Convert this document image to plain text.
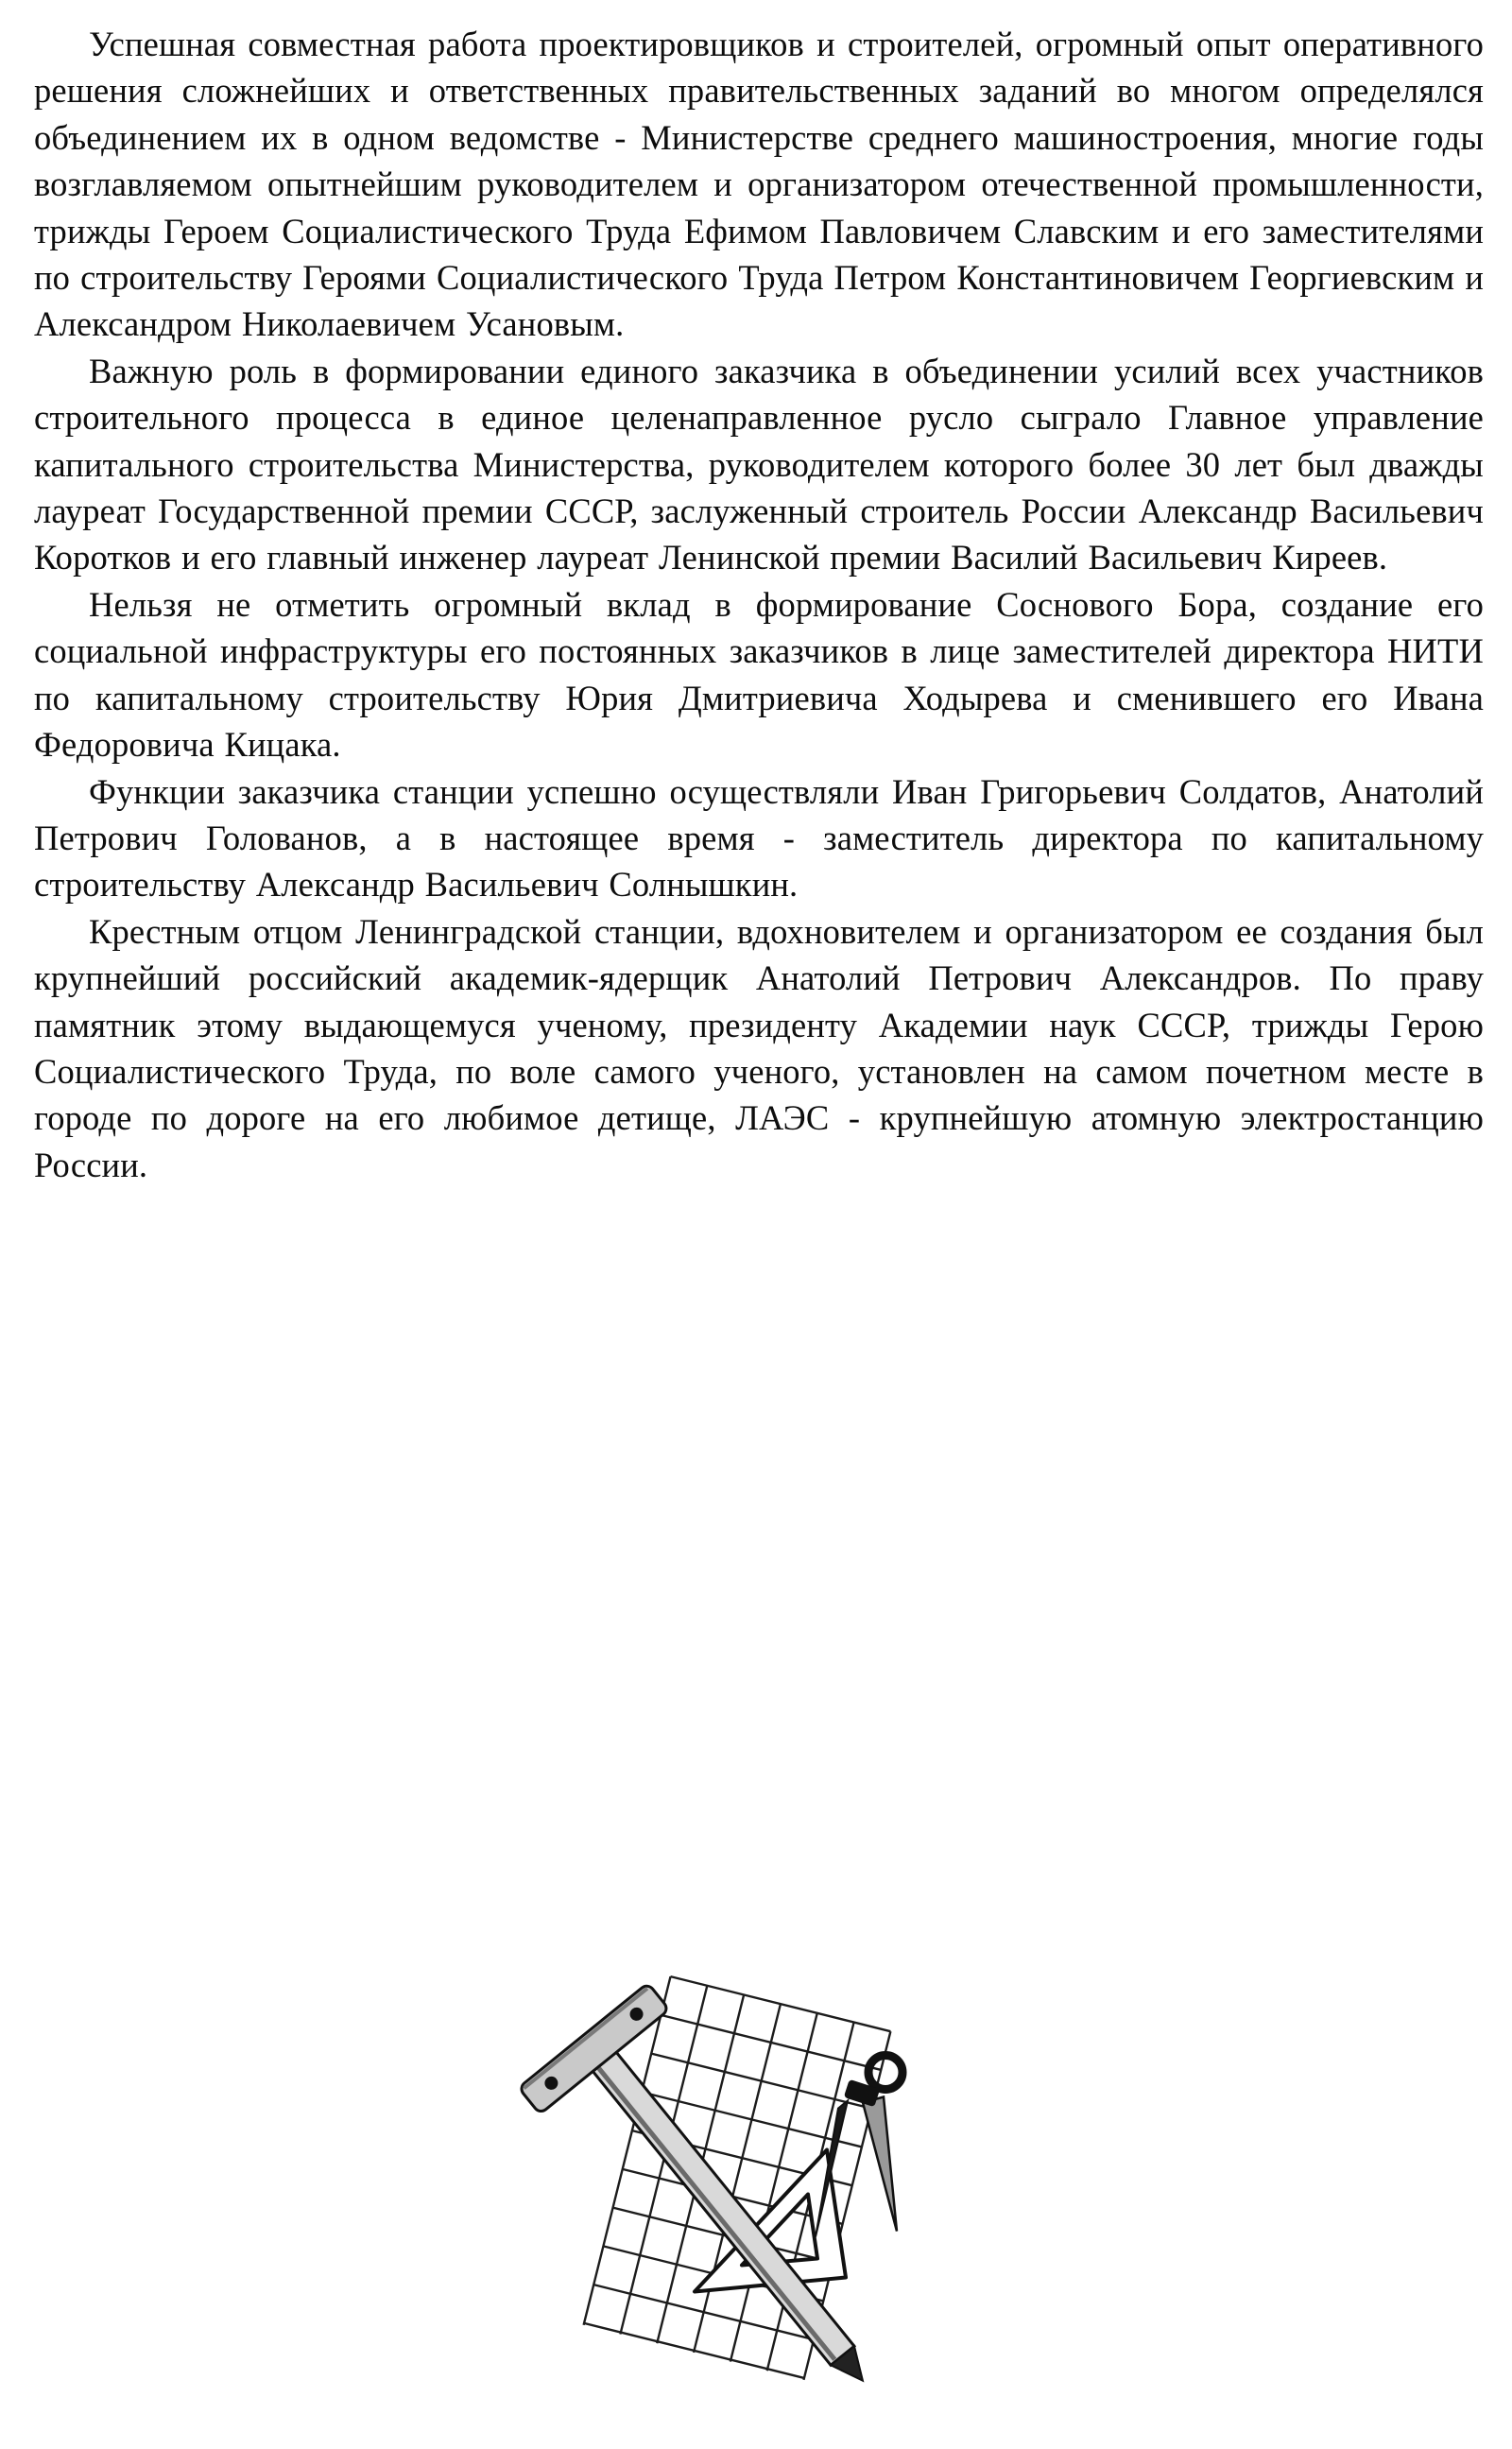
Успешная совместная работа проектировщиков и строителей, огромный опыт оперативного решения сложнейших и ответственных правительственных заданий во многом определялся объединением их в одном ведомстве - Министерстве среднего машиностроения, многие годы возглавляемом опытнейшим руководителем и организатором отечественной промышленности, трижды Героем Социалистического Труда Ефимом Павловичем Славским и его заместителями по строительству Героями Социалистического Труда Петром Константиновичем Георгиевским и Александром Николаевичем Усановым.

Важную роль в формировании единого заказчика в объединении усилий всех участников строительного процесса в единое целенаправленное русло сыграло Главное управление капитального строительства Министерства, руководителем которого более 30 лет был дважды лауреат Государственной премии СССР, заслуженный строитель России Александр Васильевич Коротков и его главный инженер лауреат Ленинской премии Василий Васильевич Киреев.

Нельзя не отметить огромный вклад в формирование Соснового Бора, создание его социальной инфраструктуры его постоянных заказчиков в лице заместителей директора НИТИ по капитальному строительству Юрия Дмитриевича Ходырева и сменившего его Ивана Федоровича Кицака.

Функции заказчика станции успешно осуществляли Иван Григорьевич Солдатов, Анатолий Петрович Голованов, а в настоящее время - заместитель директора по капитальному строительству Александр Васильевич Солнышкин.

Крестным отцом Ленинградской станции, вдохновителем и организатором ее создания был крупнейший российский академик-ядерщик Анатолий Петрович Александров. По праву памятник этому выдающемуся ученому, президенту Академии наук СССР, трижды Герою Социалистического Труда, по воле самого ученого, установлен на самом почетном месте в городе по дороге на его любимое детище, ЛАЭС - крупнейшую атомную электростанцию России.
